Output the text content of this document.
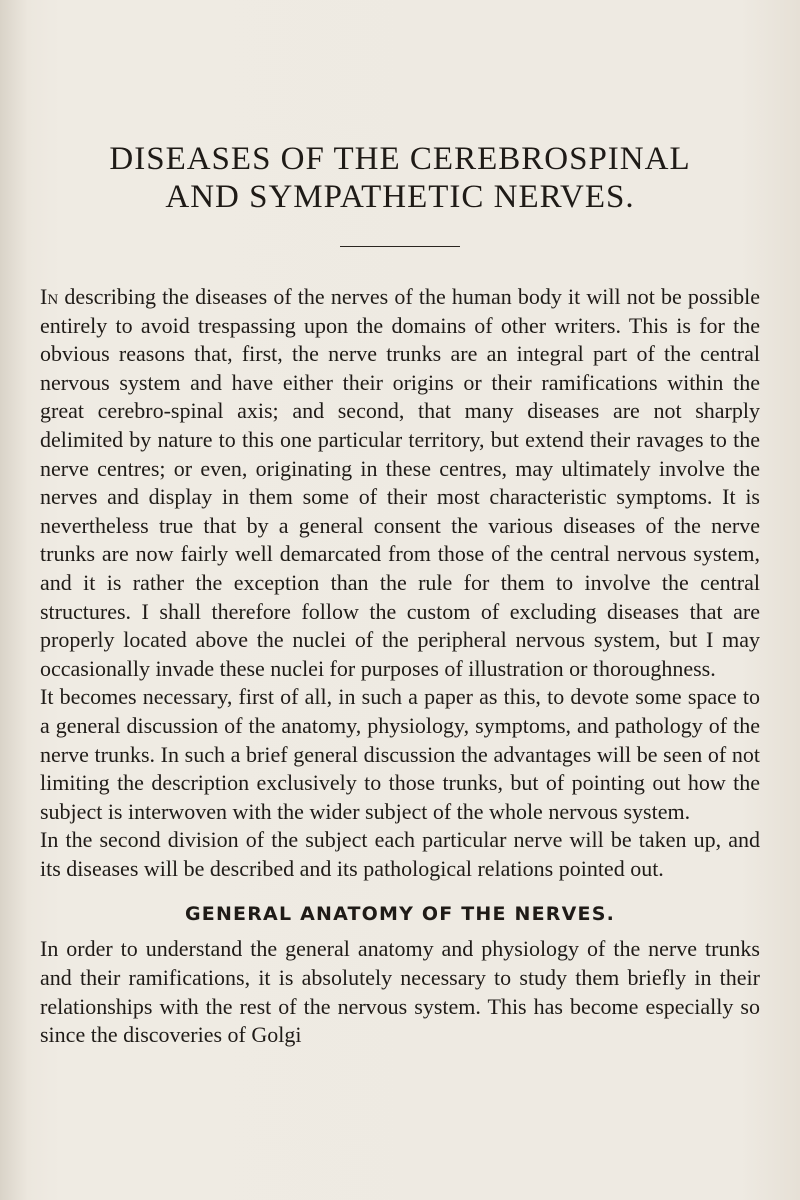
DISEASES OF THE CEREBROSPINAL
AND SYMPATHETIC NERVES.

In describing the diseases of the nerves of the human body it will not be possible entirely to avoid trespassing upon the domains of other writers. This is for the obvious reasons that, first, the nerve trunks are an integral part of the central nervous system and have either their origins or their ramifications within the great cerebro-spinal axis; and second, that many diseases are not sharply delimited by nature to this one particular territory, but extend their ravages to the nerve centres; or even, originating in these centres, may ultimately involve the nerves and display in them some of their most characteristic symptoms. It is nevertheless true that by a general consent the various diseases of the nerve trunks are now fairly well demarcated from those of the central nervous system, and it is rather the exception than the rule for them to involve the central structures. I shall therefore follow the custom of excluding diseases that are properly located above the nuclei of the peripheral nervous system, but I may occasionally invade these nuclei for purposes of illustration or thoroughness.

It becomes necessary, first of all, in such a paper as this, to devote some space to a general discussion of the anatomy, physiology, symptoms, and pathology of the nerve trunks. In such a brief general discussion the advantages will be seen of not limiting the description exclusively to those trunks, but of pointing out how the subject is interwoven with the wider subject of the whole nervous system.

In the second division of the subject each particular nerve will be taken up, and its diseases will be described and its pathological relations pointed out.

GENERAL ANATOMY OF THE NERVES.

In order to understand the general anatomy and physiology of the nerve trunks and their ramifications, it is absolutely necessary to study them briefly in their relationships with the rest of the nervous system. This has become especially so since the discoveries of Golgi
